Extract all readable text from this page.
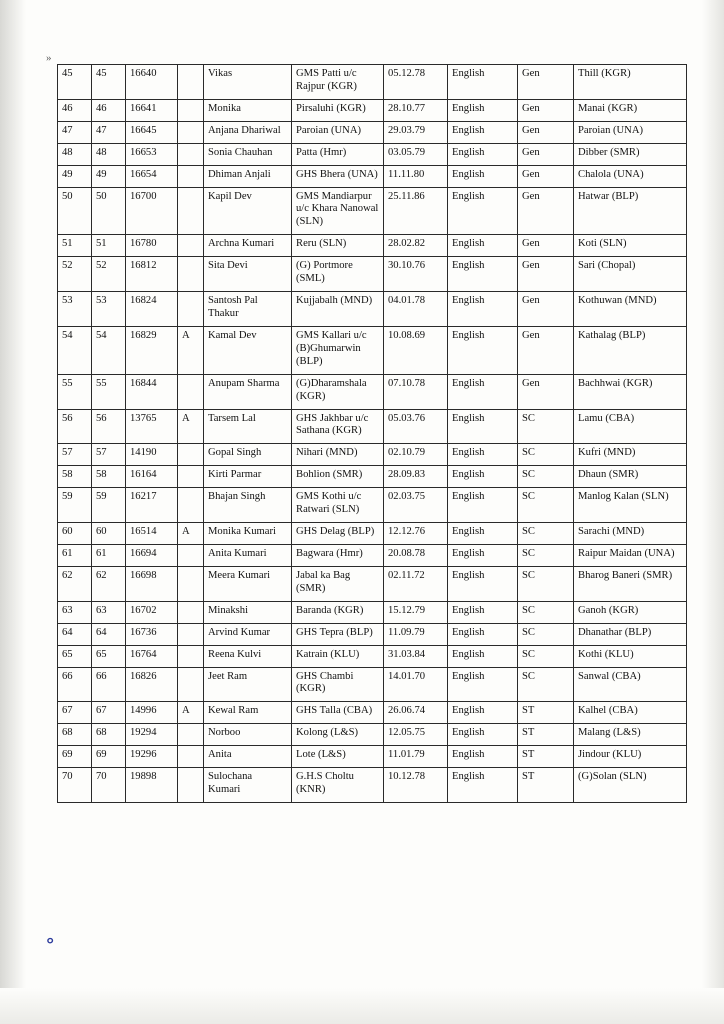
»
45	45	16640		Vikas	GMS Patti u/c Rajpur (KGR)	05.12.78	English	Gen	Thill (KGR)
46	46	16641		Monika	Pirsaluhi (KGR)	28.10.77	English	Gen	Manai (KGR)
47	47	16645		Anjana Dhariwal	Paroian (UNA)	29.03.79	English	Gen	Paroian (UNA)
48	48	16653		Sonia Chauhan	Patta (Hmr)	03.05.79	English	Gen	Dibber (SMR)
49	49	16654		Dhiman Anjali	GHS Bhera (UNA)	11.11.80	English	Gen	Chalola (UNA)
50	50	16700		Kapil Dev	GMS Mandiarpur u/c Khara Nanowal (SLN)	25.11.86	English	Gen	Hatwar (BLP)
51	51	16780		Archna Kumari	Reru (SLN)	28.02.82	English	Gen	Koti (SLN)
52	52	16812		Sita Devi	(G) Portmore (SML)	30.10.76	English	Gen	Sari (Chopal)
53	53	16824		Santosh Pal Thakur	Kujjabalh (MND)	04.01.78	English	Gen	Kothuwan (MND)
54	54	16829	A	Kamal Dev	GMS Kallari u/c (B)Ghumarwin (BLP)	10.08.69	English	Gen	Kathalag (BLP)
55	55	16844		Anupam Sharma	(G)Dharamshala (KGR)	07.10.78	English	Gen	Bachhwai (KGR)
56	56	13765	A	Tarsem Lal	GHS Jakhbar u/c Sathana (KGR)	05.03.76	English	SC	Lamu (CBA)
57	57	14190		Gopal Singh	Nihari (MND)	02.10.79	English	SC	Kufri (MND)
58	58	16164		Kirti Parmar	Bohlion (SMR)	28.09.83	English	SC	Dhaun (SMR)
59	59	16217		Bhajan Singh	GMS Kothi u/c Ratwari (SLN)	02.03.75	English	SC	Manlog Kalan (SLN)
60	60	16514	A	Monika Kumari	GHS Delag (BLP)	12.12.76	English	SC	Sarachi (MND)
61	61	16694		Anita Kumari	Bagwara (Hmr)	20.08.78	English	SC	Raipur Maidan (UNA)
62	62	16698		Meera Kumari	Jabal ka Bag (SMR)	02.11.72	English	SC	Bharog Baneri (SMR)
63	63	16702		Minakshi	Baranda (KGR)	15.12.79	English	SC	Ganoh (KGR)
64	64	16736		Arvind Kumar	GHS Tepra (BLP)	11.09.79	English	SC	Dhanathar (BLP)
65	65	16764		Reena Kulvi	Katrain (KLU)	31.03.84	English	SC	Kothi (KLU)
66	66	16826		Jeet Ram	GHS Chambi (KGR)	14.01.70	English	SC	Sanwal (CBA)
67	67	14996	A	Kewal Ram	GHS Talla (CBA)	26.06.74	English	ST	Kalhel (CBA)
68	68	19294		Norboo	Kolong (L&S)	12.05.75	English	ST	Malang (L&S)
69	69	19296		Anita	Lote (L&S)	11.01.79	English	ST	Jindour (KLU)
70	70	19898		Sulochana Kumari	G.H.S Choltu (KNR)	10.12.78	English	ST	(G)Solan (SLN)
॰
